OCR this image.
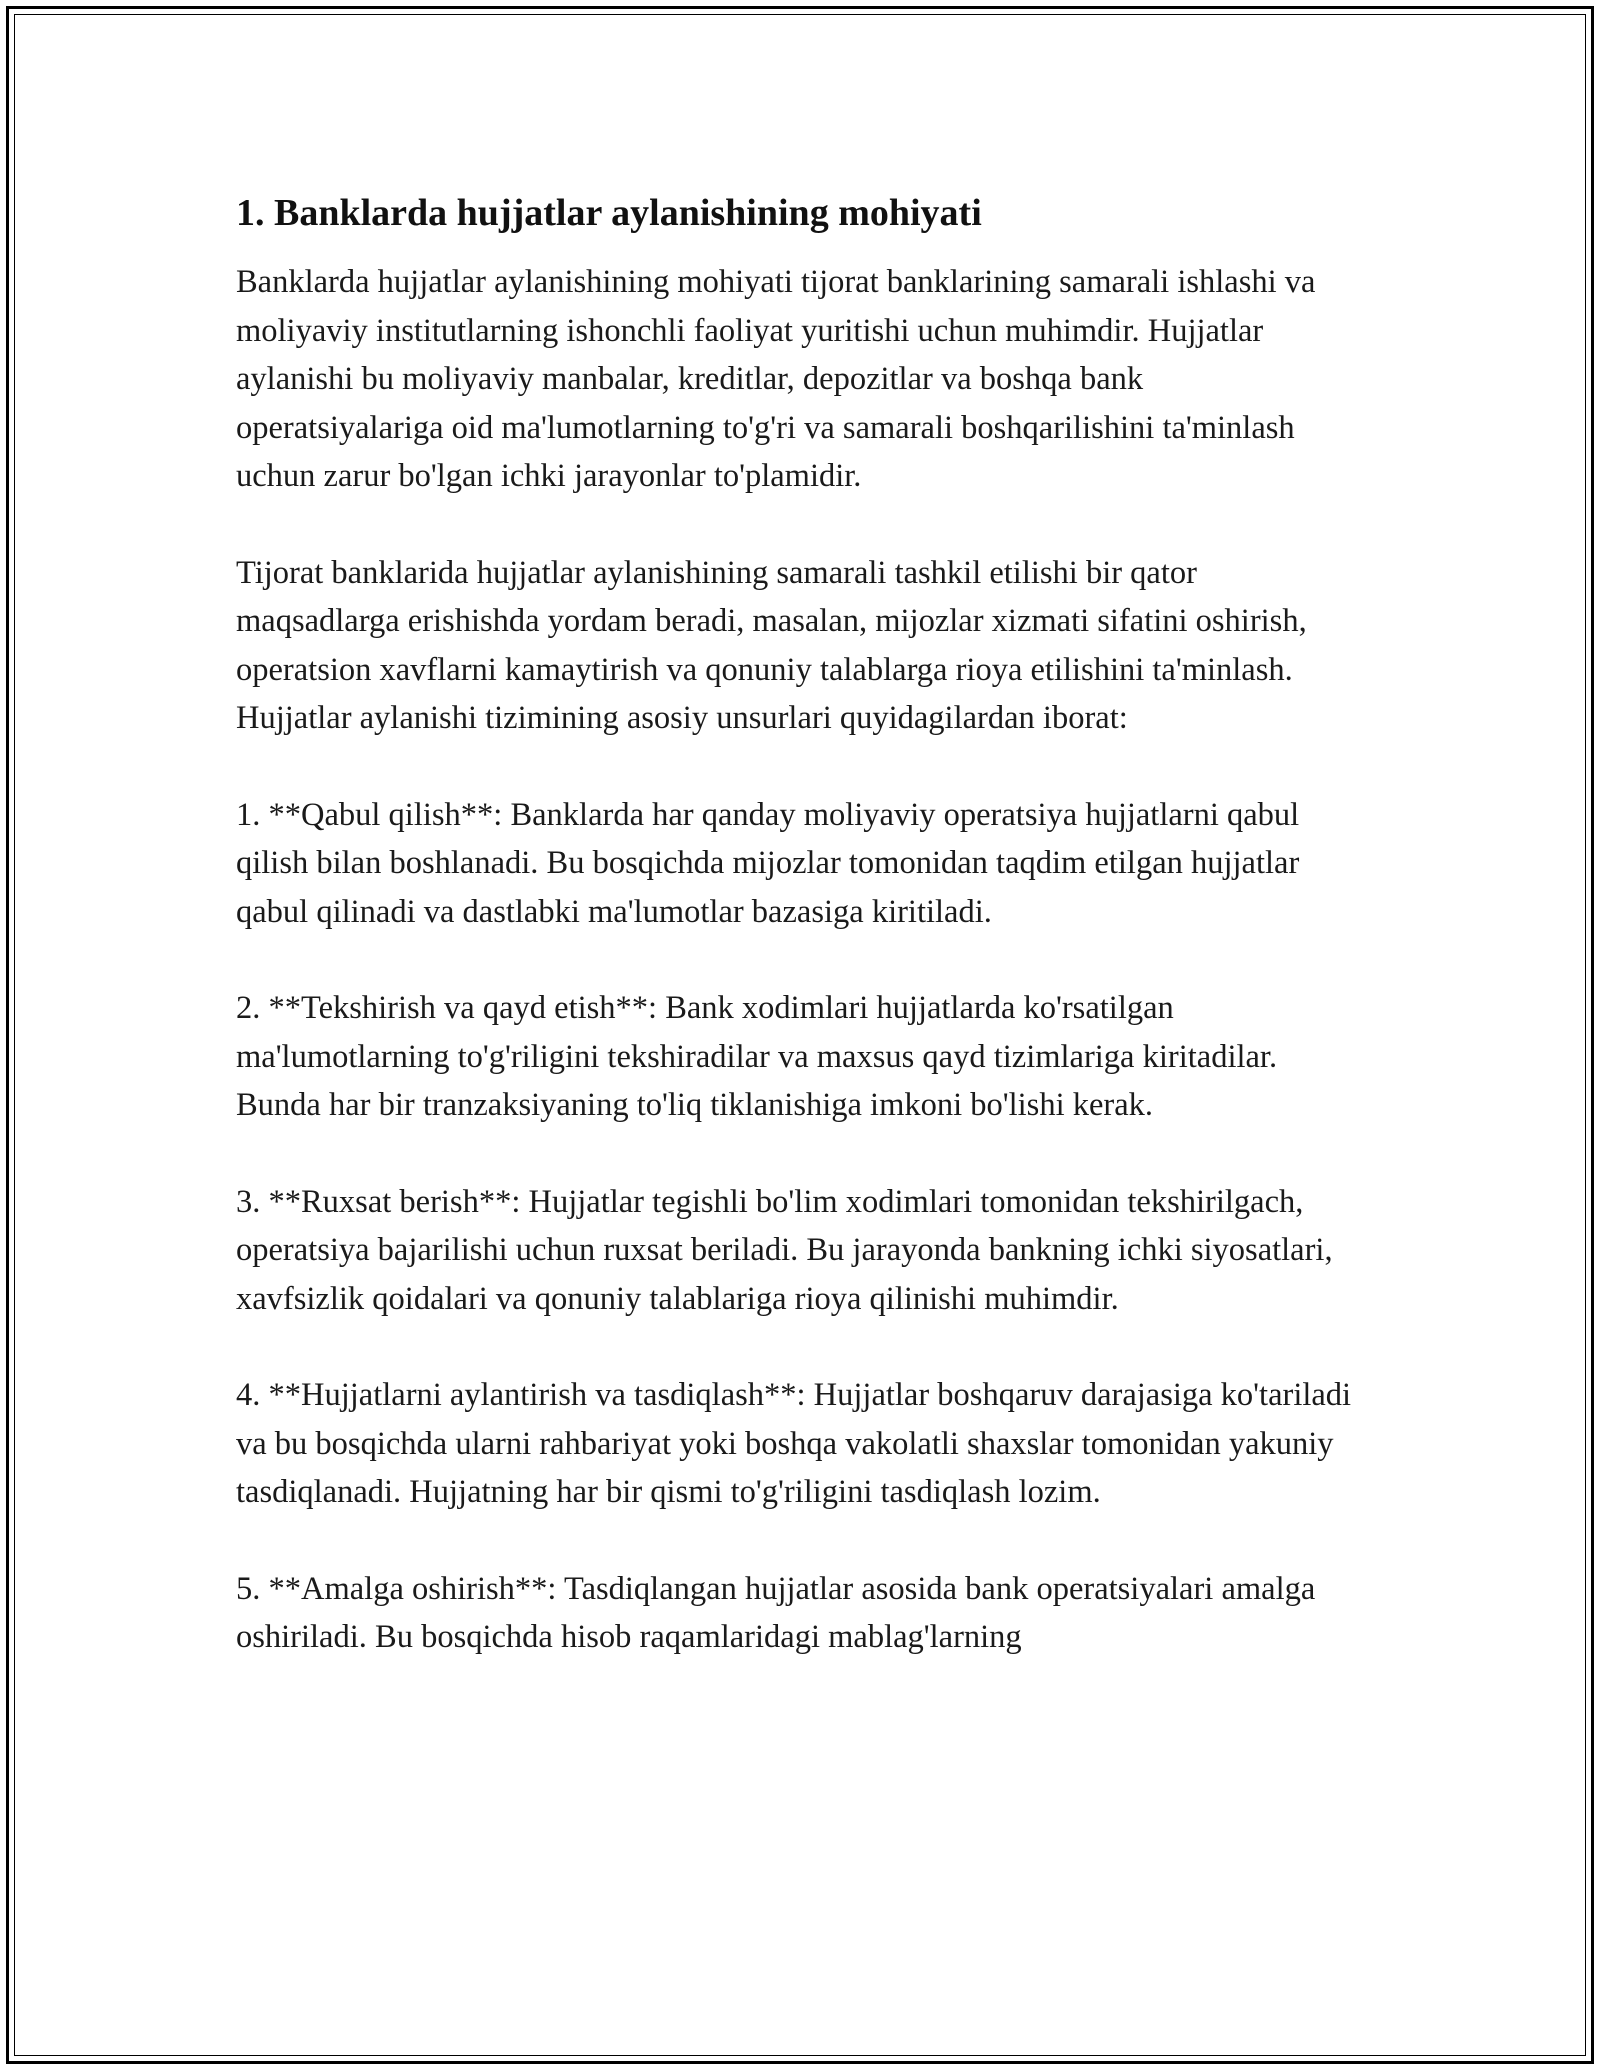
1. Banklarda hujjatlar aylanishining mohiyati

Banklarda hujjatlar aylanishining mohiyati tijorat banklarining samarali ishlashi va moliyaviy institutlarning ishonchli faoliyat yuritishi uchun muhimdir. Hujjatlar aylanishi bu moliyaviy manbalar, kreditlar, depozitlar va boshqa bank operatsiyalariga oid ma'lumotlarning to'g'ri va samarali boshqarilishini ta'minlash uchun zarur bo'lgan ichki jarayonlar to'plamidir.

Tijorat banklarida hujjatlar aylanishining samarali tashkil etilishi bir qator maqsadlarga erishishda yordam beradi, masalan, mijozlar xizmati sifatini oshirish, operatsion xavflarni kamaytirish va qonuniy talablarga rioya etilishini ta'minlash. Hujjatlar aylanishi tizimining asosiy unsurlari quyidagilardan iborat:

1. **Qabul qilish**: Banklarda har qanday moliyaviy operatsiya hujjatlarni qabul qilish bilan boshlanadi. Bu bosqichda mijozlar tomonidan taqdim etilgan hujjatlar qabul qilinadi va dastlabki ma'lumotlar bazasiga kiritiladi.

2. **Tekshirish va qayd etish**: Bank xodimlari hujjatlarda ko'rsatilgan ma'lumotlarning to'g'riligini tekshiradilar va maxsus qayd tizimlariga kiritadilar. Bunda har bir tranzaksiyaning to'liq tiklanishiga imkoni bo'lishi kerak.

3. **Ruxsat berish**: Hujjatlar tegishli bo'lim xodimlari tomonidan tekshirilgach, operatsiya bajarilishi uchun ruxsat beriladi. Bu jarayonda bankning ichki siyosatlari, xavfsizlik qoidalari va qonuniy talablariga rioya qilinishi muhimdir.

4. **Hujjatlarni aylantirish va tasdiqlash**: Hujjatlar boshqaruv darajasiga ko'tariladi va bu bosqichda ularni rahbariyat yoki boshqa vakolatli shaxslar tomonidan yakuniy tasdiqlanadi. Hujjatning har bir qismi to'g'riligini tasdiqlash lozim.

5. **Amalga oshirish**: Tasdiqlangan hujjatlar asosida bank operatsiyalari amalga oshiriladi. Bu bosqichda hisob raqamlaridagi mablag'larning
